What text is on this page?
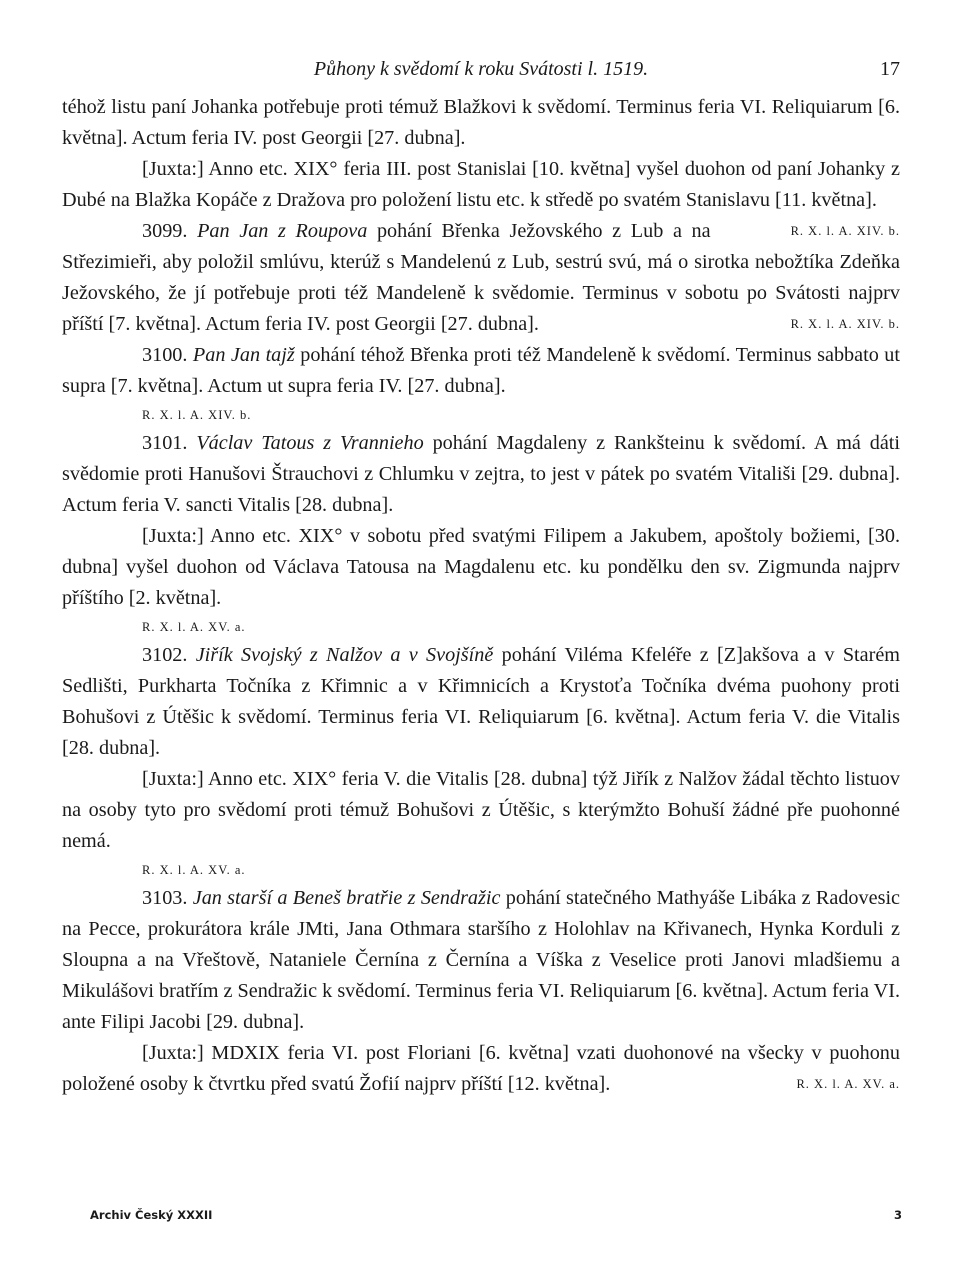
Půhony k svědomí k roku Svátosti l. 1519.	17

téhož listu paní Johanka potřebuje proti témuž Blažkovi k svědomí. Terminus feria VI. Reliquiarum [6. května]. Actum feria IV. post Georgii [27. dubna].

[Juxta:] Anno etc. XIX° feria III. post Stanislai [10. května] vyšel duohon od paní Johanky z Dubé na Blažka Kopáče z Dražova pro položení listu etc. k středě po svatém Stanislavu [11. května].
R. X. l. A. XIV. b.

3099. Pan Jan z Roupova pohání Břenka Ježovského z Lub a na Střezimieři, aby položil smlúvu, kterúž s Mandelenú z Lub, sestrú svú, má o sirotka nebožtíka Zdeňka Ježovského, že jí potřebuje proti též Mandeleně k svědomie. Terminus v sobotu po Svátosti najprv příští [7. května]. Actum feria IV. post Georgii [27. dubna].	R. X. l. A. XIV. b.

3100. Pan Jan tajž pohání téhož Břenka proti též Mandeleně k svědomí. Terminus sabbato ut supra [7. května]. Actum ut supra feria IV. [27. dubna].

R. X. l. A. XIV. b.

3101. Václav Tatous z Vrannieho pohání Magdaleny z Rankšteinu k svědomí. A má dáti svědomie proti Hanušovi Štrauchovi z Chlumku v zejtra, to jest v pátek po svatém Vitališi [29. dubna]. Actum feria V. sancti Vitalis [28. dubna].

[Juxta:] Anno etc. XIX° v sobotu před svatými Filipem a Jakubem, apoštoly božiemi, [30. dubna] vyšel duohon od Václava Tatousa na Magdalenu etc. ku pondělku den sv. Zigmunda najprv příštího [2. května].

R. X. l. A. XV. a.

3102. Jiřík Svojský z Nalžov a v Svojšíně pohání Viléma Kfeléře z [Z]akšova a v Starém Sedlišti, Purkharta Točníka z Křimnic a v Křimnicích a Krystoťa Točníka dvéma puohony proti Bohušovi z Útěšic k svědomí. Terminus feria VI. Reliquiarum [6. května]. Actum feria V. die Vitalis [28. dubna].

[Juxta:] Anno etc. XIX° feria V. die Vitalis [28. dubna] týž Jiřík z Nalžov žádal těchto listuov na osoby tyto pro svědomí proti témuž Bohušovi z Útěšic, s kterýmžto Bohuší žádné pře puohonné nemá.

R. X. l. A. XV. a.

3103. Jan starší a Beneš bratřie z Sendražic pohání statečného Mathyáše Libáka z Radovesic na Pecce, prokurátora krále JMti, Jana Othmara staršího z Holohlav na Křivanech, Hynka Korduli z Sloupna a na Vřeštově, Nataniele Černína z Černína a Víška z Veselice proti Janovi mladšiemu a Mikulášovi bratřím z Sendražic k svědomí. Terminus feria VI. Reliquiarum [6. května]. Actum feria VI. ante Filipi Jacobi [29. dubna].

[Juxta:] MDXIX feria VI. post Floriani [6. května] vzati duohonové na všecky v puohonu položené osoby k čtvrtku před svatú Žofií najprv příští [12. května].	R. X. l. A. XV. a.

Archiv Český XXXII	3
